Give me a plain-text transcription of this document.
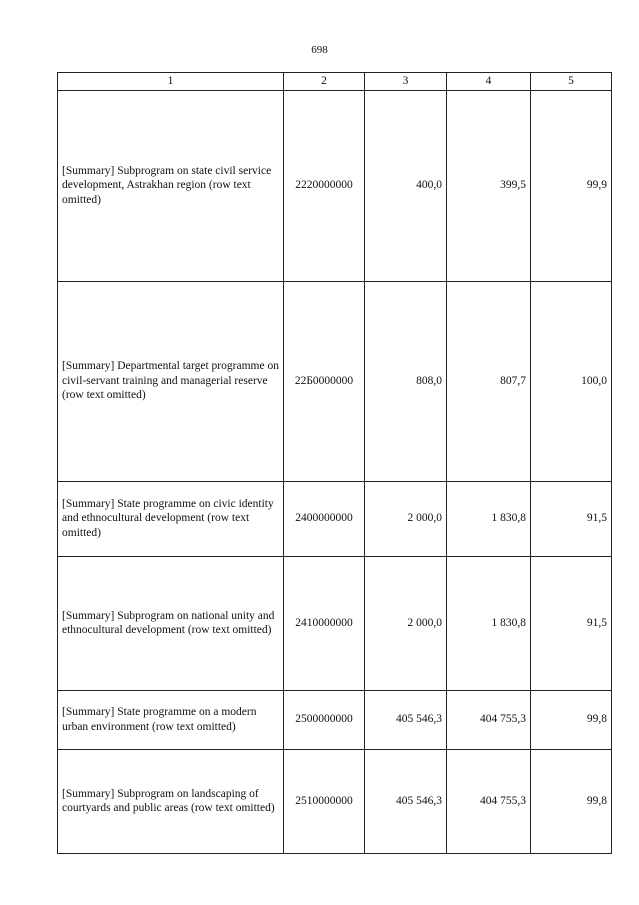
698
1	2	3	4	5
[Summary] Subprogram on state civil service development, Astrakhan region (row text omitted)	2220000000	400,0	399,5	99,9
[Summary] Departmental target programme on civil-servant training and managerial reserve (row text omitted)	22Б0000000	808,0	807,7	100,0
[Summary] State programme on civic identity and ethnocultural development (row text omitted)	2400000000	2 000,0	1 830,8	91,5
[Summary] Subprogram on national unity and ethnocultural development (row text omitted)	2410000000	2 000,0	1 830,8	91,5
[Summary] State programme on a modern urban environment (row text omitted)	2500000000	405 546,3	404 755,3	99,8
[Summary] Subprogram on landscaping of courtyards and public areas (row text omitted)	2510000000	405 546,3	404 755,3	99,8
